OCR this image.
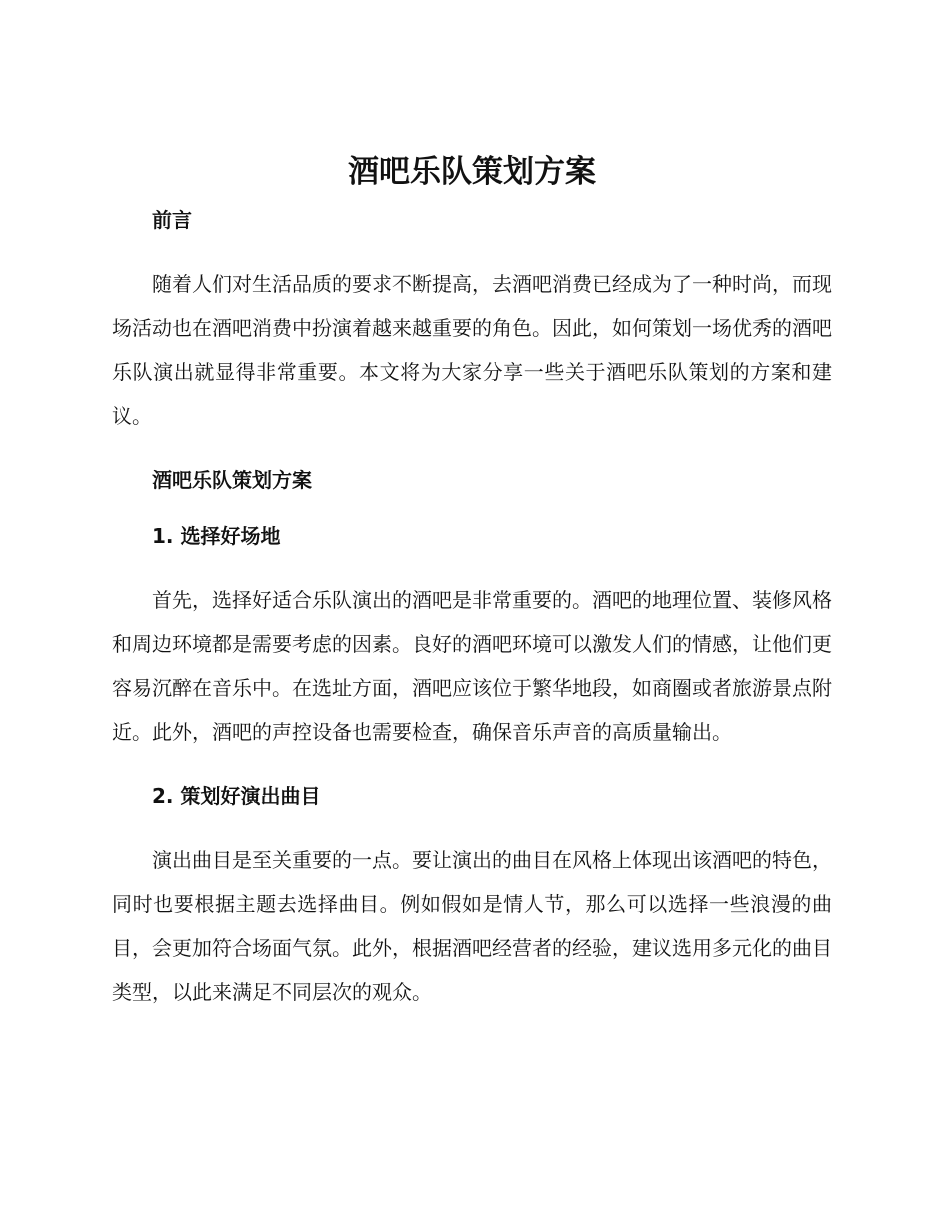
酒吧乐队策划方案
前言

随着人们对生活品质的要求不断提高，去酒吧消费已经成为了一种时尚，而现场活动也在酒吧消费中扮演着越来越重要的角色。因此，如何策划一场优秀的酒吧乐队演出就显得非常重要。本文将为大家分享一些关于酒吧乐队策划的方案和建议。

酒吧乐队策划方案
1. 选择好场地

首先，选择好适合乐队演出的酒吧是非常重要的。酒吧的地理位置、装修风格和周边环境都是需要考虑的因素。良好的酒吧环境可以激发人们的情感，让他们更容易沉醉在音乐中。在选址方面，酒吧应该位于繁华地段，如商圈或者旅游景点附近。此外，酒吧的声控设备也需要检查，确保音乐声音的高质量输出。

2. 策划好演出曲目

演出曲目是至关重要的一点。要让演出的曲目在风格上体现出该酒吧的特色，同时也要根据主题去选择曲目。例如假如是情人节，那么可以选择一些浪漫的曲目，会更加符合场面气氛。此外，根据酒吧经营者的经验，建议选用多元化的曲目类型，以此来满足不同层次的观众。
